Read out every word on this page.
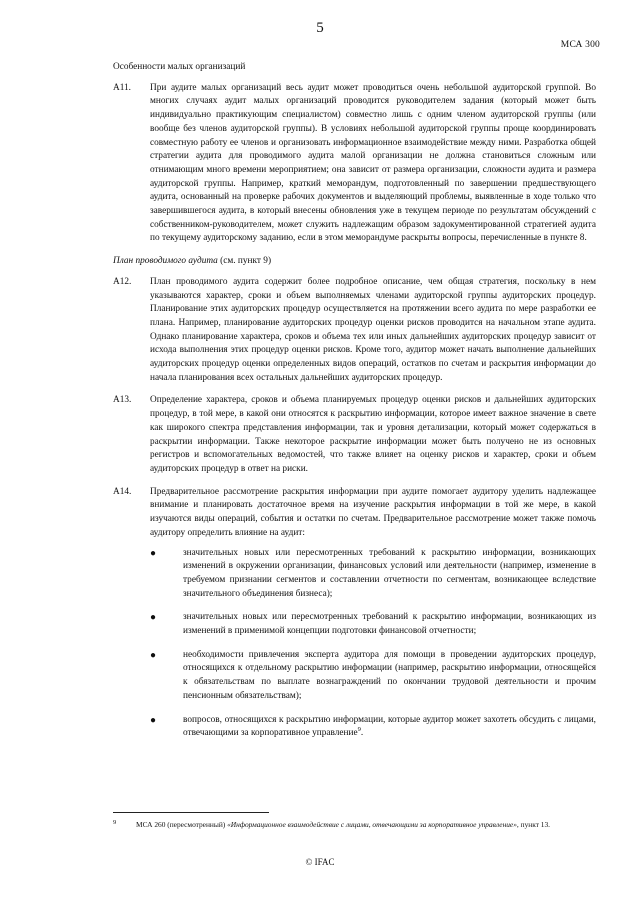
5
МСА 300
Особенности малых организаций
A11. При аудите малых организаций весь аудит может проводиться очень небольшой аудиторской группой. Во многих случаях аудит малых организаций проводится руководителем задания (который может быть индивидуально практикующим специалистом) совместно лишь с одним членом аудиторской группы (или вообще без членов аудиторской группы). В условиях небольшой аудиторской группы проще координировать совместную работу ее членов и организовать информационное взаимодействие между ними. Разработка общей стратегии аудита для проводимого аудита малой организации не должна становиться сложным или отнимающим много времени мероприятием; она зависит от размера организации, сложности аудита и размера аудиторской группы. Например, краткий меморандум, подготовленный по завершении предшествующего аудита, основанный на проверке рабочих документов и выделяющий проблемы, выявленные в ходе только что завершившегося аудита, в который внесены обновления уже в текущем периоде по результатам обсуждений с собственником-руководителем, может служить надлежащим образом задокументированной стратегией аудита по текущему аудиторскому заданию, если в этом меморандуме раскрыты вопросы, перечисленные в пункте 8.
План проводимого аудита (см. пункт 9)
A12. План проводимого аудита содержит более подробное описание, чем общая стратегия, поскольку в нем указываются характер, сроки и объем выполняемых членами аудиторской группы аудиторских процедур. Планирование этих аудиторских процедур осуществляется на протяжении всего аудита по мере разработки ее плана. Например, планирование аудиторских процедур оценки рисков проводится на начальном этапе аудита. Однако планирование характера, сроков и объема тех или иных дальнейших аудиторских процедур зависит от исхода выполнения этих процедур оценки рисков. Кроме того, аудитор может начать выполнение дальнейших аудиторских процедур оценки определенных видов операций, остатков по счетам и раскрытия информации до начала планирования всех остальных дальнейших аудиторских процедур.
A13. Определение характера, сроков и объема планируемых процедур оценки рисков и дальнейших аудиторских процедур, в той мере, в какой они относятся к раскрытию информации, которое имеет важное значение в свете как широкого спектра представления информации, так и уровня детализации, который может содержаться в раскрытии информации. Также некоторое раскрытие информации может быть получено не из основных регистров и вспомогательных ведомостей, что также влияет на оценку рисков и характер, сроки и объем аудиторских процедур в ответ на риски.
A14. Предварительное рассмотрение раскрытия информации при аудите помогает аудитору уделить надлежащее внимание и планировать достаточное время на изучение раскрытия информации в той же мере, в какой изучаются виды операций, события и остатки по счетам. Предварительное рассмотрение может также помочь аудитору определить влияние на аудит:
●	значительных новых или пересмотренных требований к раскрытию информации, возникающих изменений в окружении организации, финансовых условий или деятельности (например, изменение в требуемом признании сегментов и составлении отчетности по сегментам, возникающее вследствие значительного объединения бизнеса);
●	значительных новых или пересмотренных требований к раскрытию информации, возникающих из изменений в применимой концепции подготовки финансовой отчетности;
●	необходимости привлечения эксперта аудитора для помощи в проведении аудиторских процедур, относящихся к отдельному раскрытию информации (например, раскрытию информации, относящейся к обязательствам по выплате вознаграждений по окончании трудовой деятельности и прочим пенсионным обязательствам);
●	вопросов, относящихся к раскрытию информации, которые аудитор может захотеть обсудить с лицами, отвечающими за корпоративное управление$^9$.
9	МСА 260 (пересмотренный) «Информационное взаимодействие с лицами, отвечающими за корпоративное управление», пункт 13.
© IFAC
